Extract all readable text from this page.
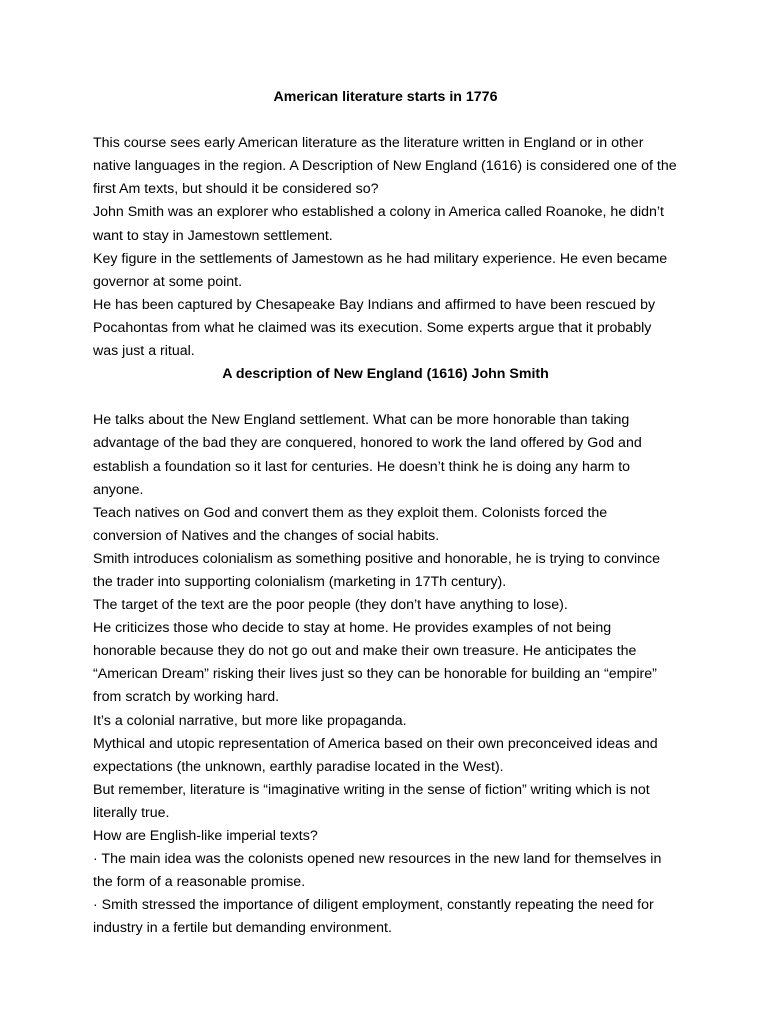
American literature starts in 1776

This course sees early American literature as the literature written in England or in other native languages in the region. A Description of New England (1616) is considered one of the first Am texts, but should it be considered so?

John Smith was an explorer who established a colony in America called Roanoke, he didn’t want to stay in Jamestown settlement.

Key figure in the settlements of Jamestown as he had military experience. He even became governor at some point.

He has been captured by Chesapeake Bay Indians and affirmed to have been rescued by Pocahontas from what he claimed was its execution. Some experts argue that it probably was just a ritual.

A description of New England (1616) John Smith

He talks about the New England settlement. What can be more honorable than taking advantage of the bad they are conquered, honored to work the land offered by God and establish a foundation so it last for centuries. He doesn’t think he is doing any harm to anyone.

Teach natives on God and convert them as they exploit them. Colonists forced the conversion of Natives and the changes of social habits.

Smith introduces colonialism as something positive and honorable, he is trying to convince the trader into supporting colonialism (marketing in 17Th century).

The target of the text are the poor people (they don’t have anything to lose).

He criticizes those who decide to stay at home. He provides examples of not being honorable because they do not go out and make their own treasure. He anticipates the “American Dream” risking their lives just so they can be honorable for building an “empire” from scratch by working hard.

It’s a colonial narrative, but more like propaganda.

Mythical and utopic representation of America based on their own preconceived ideas and expectations (the unknown, earthly paradise located in the West).

But remember, literature is “imaginative writing in the sense of fiction” writing which is not literally true.

How are English-like imperial texts?

· The main idea was the colonists opened new resources in the new land for themselves in the form of a reasonable promise.

· Smith stressed the importance of diligent employment, constantly repeating the need for industry in a fertile but demanding environment.
